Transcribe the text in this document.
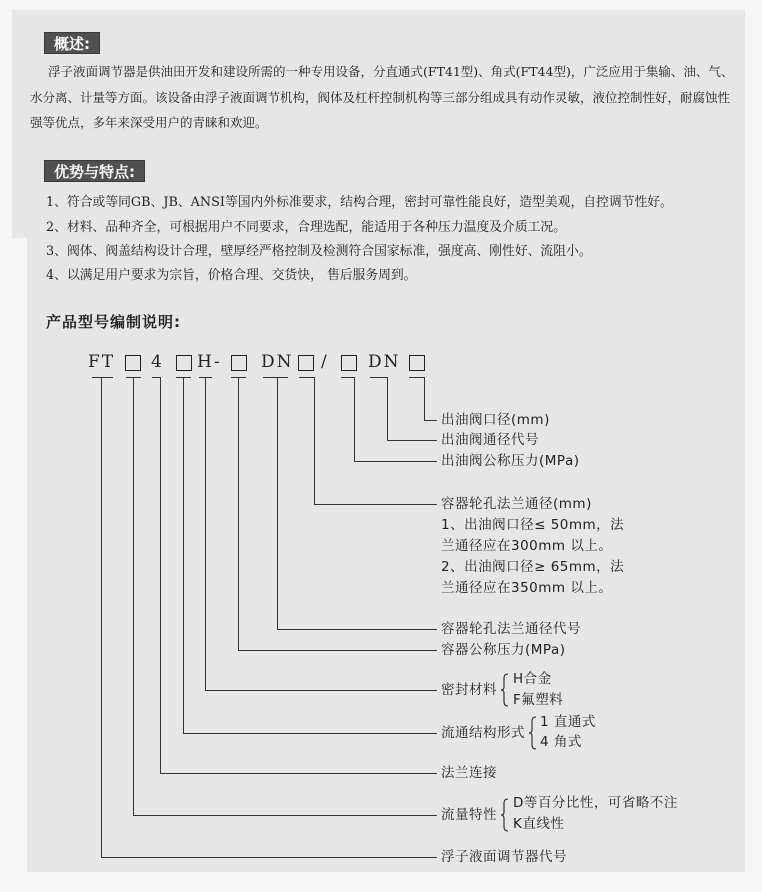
概述:
浮子液面调节器是供油田开发和建设所需的一种专用设备，分直通式(FT41型)、角式(FT44型)，广泛应用于集输、油、气、
水分离、计量等方面。该设备由浮子液面调节机构，阀体及杠杆控制机构等三部分组成具有动作灵敏，液位控制性好，耐腐蚀性
强等优点，多年来深受用户的青睐和欢迎。
优势与特点:
1、符合或等同GB、JB、ANSI等国内外标准要求，结构合理，密封可靠性能良好，造型美观，自控调节性好。
2、材料、品种齐全，可根据用户不同要求，合理选配，能适用于各种压力温度及介质工况。
3、阀体、阀盖结构设计合理，壁厚经严格控制及检测符合国家标准，强度高、刚性好、流阻小。
4、以满足用户要求为宗旨，价格合理、交货快， 售后服务周到。
产品型号编制说明:
FT 4 H- DN / DN
出油阀口径(mm)
出油阀通径代号
出油阀公称压力(MPa)
容器轮孔法兰通径(mm)
1、出油阀口径≤ 50mm，法
兰通径应在300mm 以上。
2、出油阀口径≥ 65mm，法
兰通径应在350mm 以上。
容器轮孔法兰通径代号
容器公称压力(MPa)
密封材料
H合金
F氟塑料
流通结构形式
1 直通式
4 角式
法兰连接
流量特性
D等百分比性，可省略不注
K直线性
浮子液面调节器代号
